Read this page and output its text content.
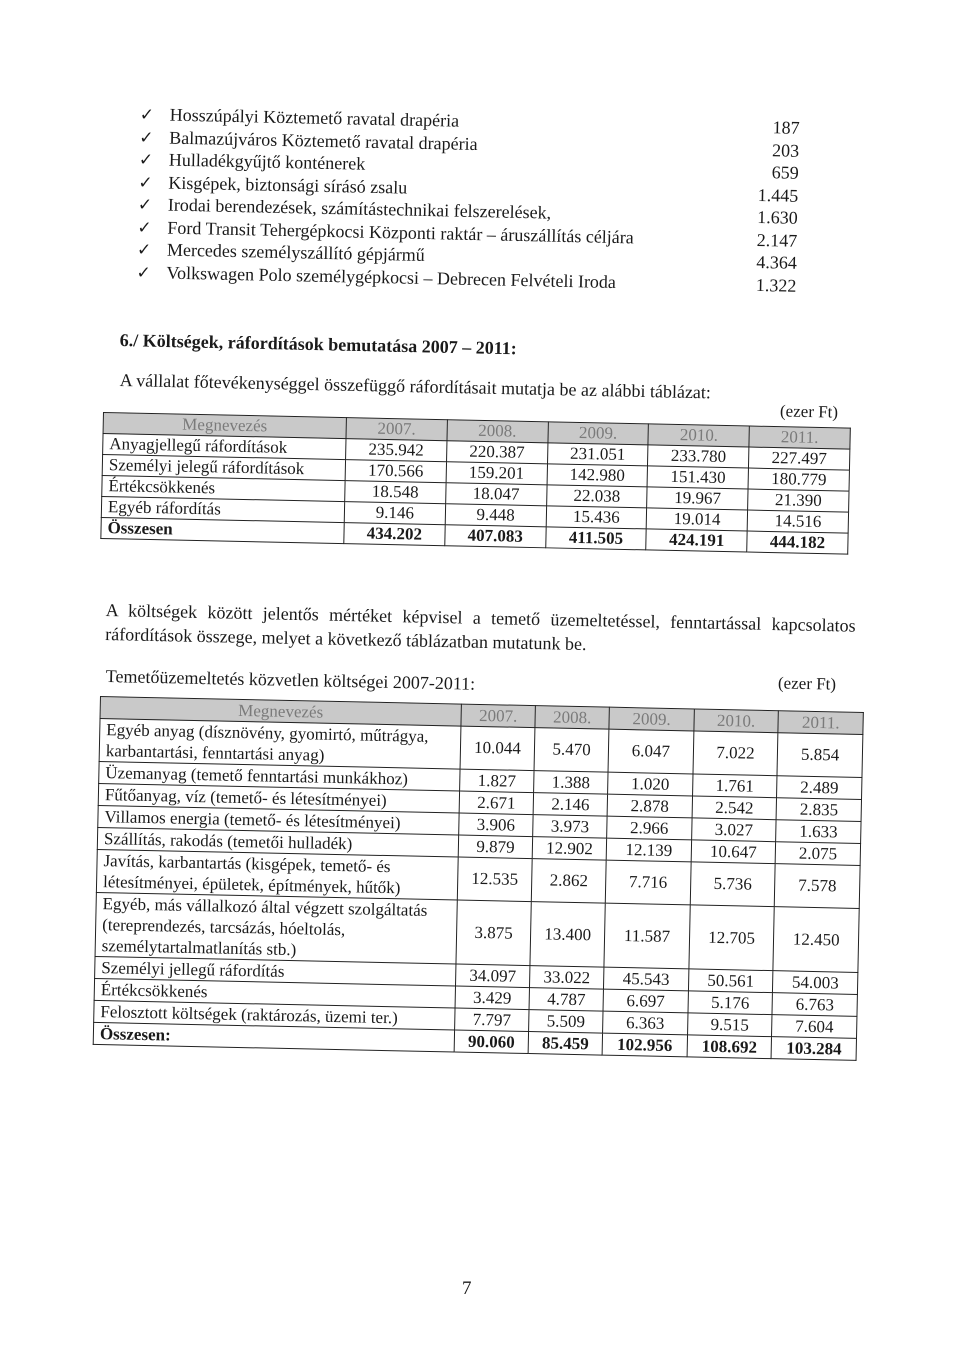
✓ Hosszúpályi Köztemető ravatal drapéria	187
✓ Balmazújváros Köztemető ravatal drapéria	203
✓ Hulladékgyűjtő konténerek	659
✓ Kisgépek, biztonsági sírásó zsalu	1.445
✓ Irodai berendezések, számítástechnikai felszerelések,	1.630
✓ Ford Transit Tehergépkocsi Központi raktár – áruszállítás céljára	2.147
✓ Mercedes személyszállító gépjármű	4.364
✓ Volkswagen Polo személygépkocsi – Debrecen Felvételi Iroda	1.322
6./ Költségek, ráfordítások bemutatása 2007 – 2011:
A vállalat főtevékenységgel összefüggő ráfordításait mutatja be az alábbi táblázat:
(ezer Ft)
Megnevezés	2007.	2008.	2009.	2010.	2011.
Anyagjellegű ráfordítások	235.942	220.387	231.051	233.780	227.497
Személyi jelegű ráfordítások	170.566	159.201	142.980	151.430	180.779
Értékcsökkenés	18.548	18.047	22.038	19.967	21.390
Egyéb ráfordítás	9.146	9.448	15.436	19.014	14.516
Összesen	434.202	407.083	411.505	424.191	444.182
A költségek között jelentős mértéket képvisel a temető üzemeltetéssel, fenntartással kapcsolatos ráfordítások összege, melyet a következő táblázatban mutatunk be.
Temetőüzemeltetés közvetlen költségei 2007-2011:	(ezer Ft)
Megnevezés	2007.	2008.	2009.	2010.	2011.
Egyéb anyag (dísznövény, gyomirtó, műtrágya, karbantartási, fenntartási anyag)	10.044	5.470	6.047	7.022	5.854
Üzemanyag (temető fenntartási munkákhoz)	1.827	1.388	1.020	1.761	2.489
Fűtőanyag, víz (temető- és létesítményei)	2.671	2.146	2.878	2.542	2.835
Villamos energia (temető- és létesítményei)	3.906	3.973	2.966	3.027	1.633
Szállítás, rakodás (temetői hulladék)	9.879	12.902	12.139	10.647	2.075
Javítás, karbantartás (kisgépek, temető- és létesítményei, épületek, építmények, hűtők)	12.535	2.862	7.716	5.736	7.578
Egyéb, más vállalkozó által végzett szolgáltatás (tereprendezés, tarcsázás, hóeltolás, személytartalmatlanítás stb.)	3.875	13.400	11.587	12.705	12.450
Személyi jellegű ráfordítás	34.097	33.022	45.543	50.561	54.003
Értékcsökkenés	3.429	4.787	6.697	5.176	6.763
Felosztott költségek (raktározás, üzemi ter.)	7.797	5.509	6.363	9.515	7.604
Összesen:	90.060	85.459	102.956	108.692	103.284
7
